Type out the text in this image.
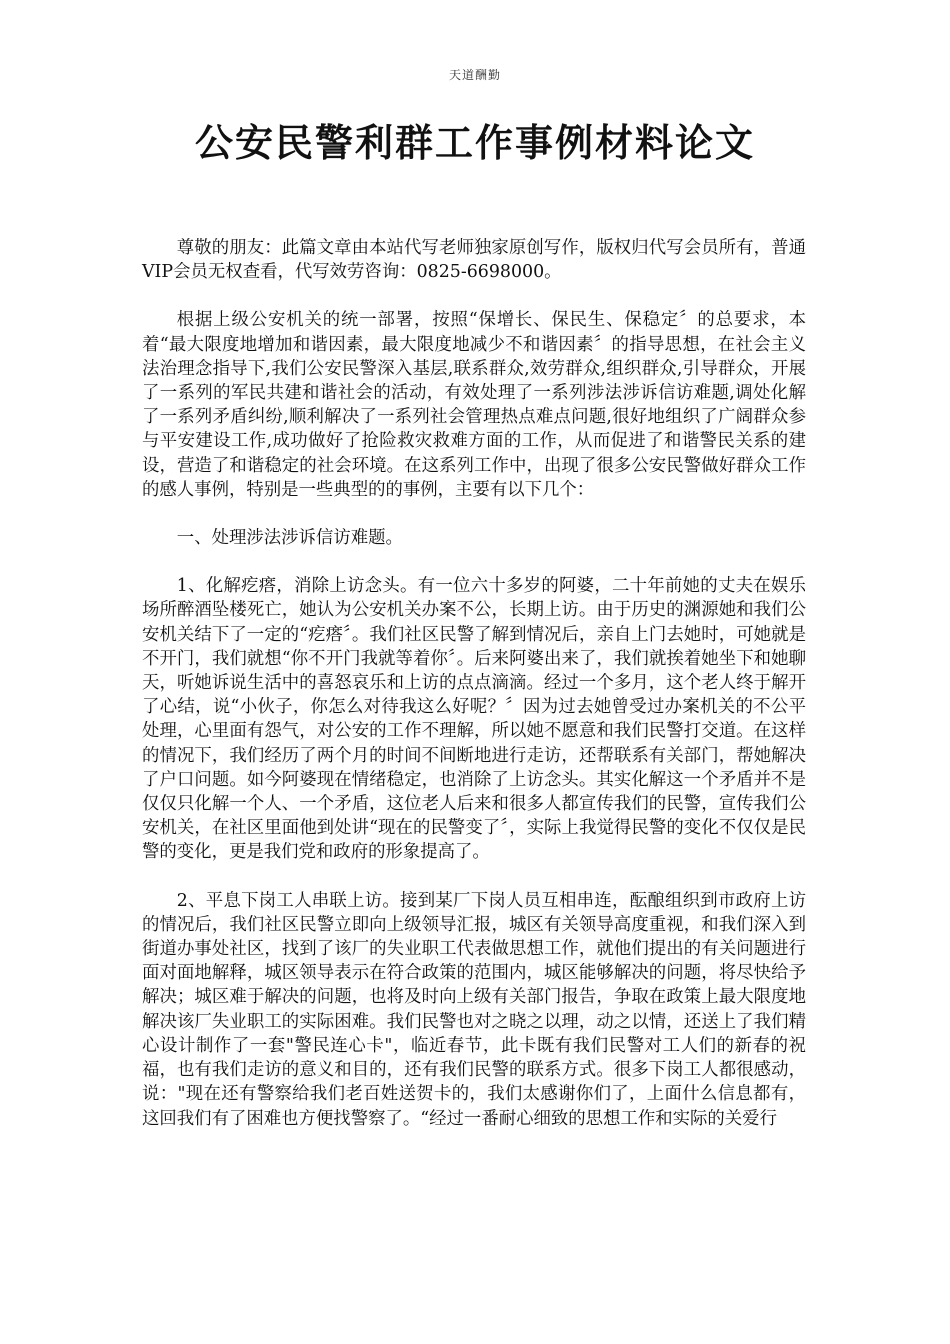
天道酬勤
公安民警利群工作事例材料论文

尊敬的朋友：此篇文章由本站代写老师独家原创写作，版权归代写会员所有，普通VIP会员无权查看，代写效劳咨询：0825-6698000。

根据上级公安机关的统一部署，按照“保增长、保民生、保稳定〞的总要求，本着“最大限度地增加和谐因素，最大限度地减少不和谐因素〞的指导思想，在社会主义法治理念指导下,我们公安民警深入基层,联系群众,效劳群众,组织群众,引导群众，开展了一系列的军民共建和谐社会的活动，有效处理了一系列涉法涉诉信访难题,调处化解了一系列矛盾纠纷,顺利解决了一系列社会管理热点难点问题,很好地组织了广阔群众参与平安建设工作,成功做好了抢险救灾救难方面的工作，从而促进了和谐警民关系的建设，营造了和谐稳定的社会环境。在这系列工作中，出现了很多公安民警做好群众工作的感人事例，特别是一些典型的的事例，主要有以下几个：

一、处理涉法涉诉信访难题。

1、化解疙瘩，消除上访念头。有一位六十多岁的阿婆，二十年前她的丈夫在娱乐场所醉酒坠楼死亡，她认为公安机关办案不公，长期上访。由于历史的渊源她和我们公安机关结下了一定的“疙瘩〞。我们社区民警了解到情况后，亲自上门去她时，可她就是不开门，我们就想“你不开门我就等着你〞。后来阿婆出来了，我们就挨着她坐下和她聊天，听她诉说生活中的喜怒哀乐和上访的点点滴滴。经过一个多月，这个老人终于解开了心结，说“小伙子，你怎么对待我这么好呢？〞因为过去她曾受过办案机关的不公平处理，心里面有怨气，对公安的工作不理解，所以她不愿意和我们民警打交道。在这样的情况下，我们经历了两个月的时间不间断地进行走访，还帮联系有关部门，帮她解决了户口问题。如今阿婆现在情绪稳定，也消除了上访念头。其实化解这一个矛盾并不是仅仅只化解一个人、一个矛盾，这位老人后来和很多人都宣传我们的民警，宣传我们公安机关，在社区里面他到处讲“现在的民警变了〞，实际上我觉得民警的变化不仅仅是民警的变化，更是我们党和政府的形象提高了。

2、平息下岗工人串联上访。接到某厂下岗人员互相串连，酝酿组织到市政府上访的情况后，我们社区民警立即向上级领导汇报，城区有关领导高度重视，和我们深入到街道办事处社区，找到了该厂的失业职工代表做思想工作，就他们提出的有关问题进行面对面地解释，城区领导表示在符合政策的范围内，城区能够解决的问题，将尽快给予解决；城区难于解决的问题，也将及时向上级有关部门报告，争取在政策上最大限度地解决该厂失业职工的实际困难。我们民警也对之晓之以理，动之以情，还送上了我们精心设计制作了一套"警民连心卡"，临近春节，此卡既有我们民警对工人们的新春的祝福，也有我们走访的意义和目的，还有我们民警的联系方式。很多下岗工人都很感动，说："现在还有警察给我们老百姓送贺卡的，我们太感谢你们了，上面什么信息都有，这回我们有了困难也方便找警察了。“经过一番耐心细致的思想工作和实际的关爱行
